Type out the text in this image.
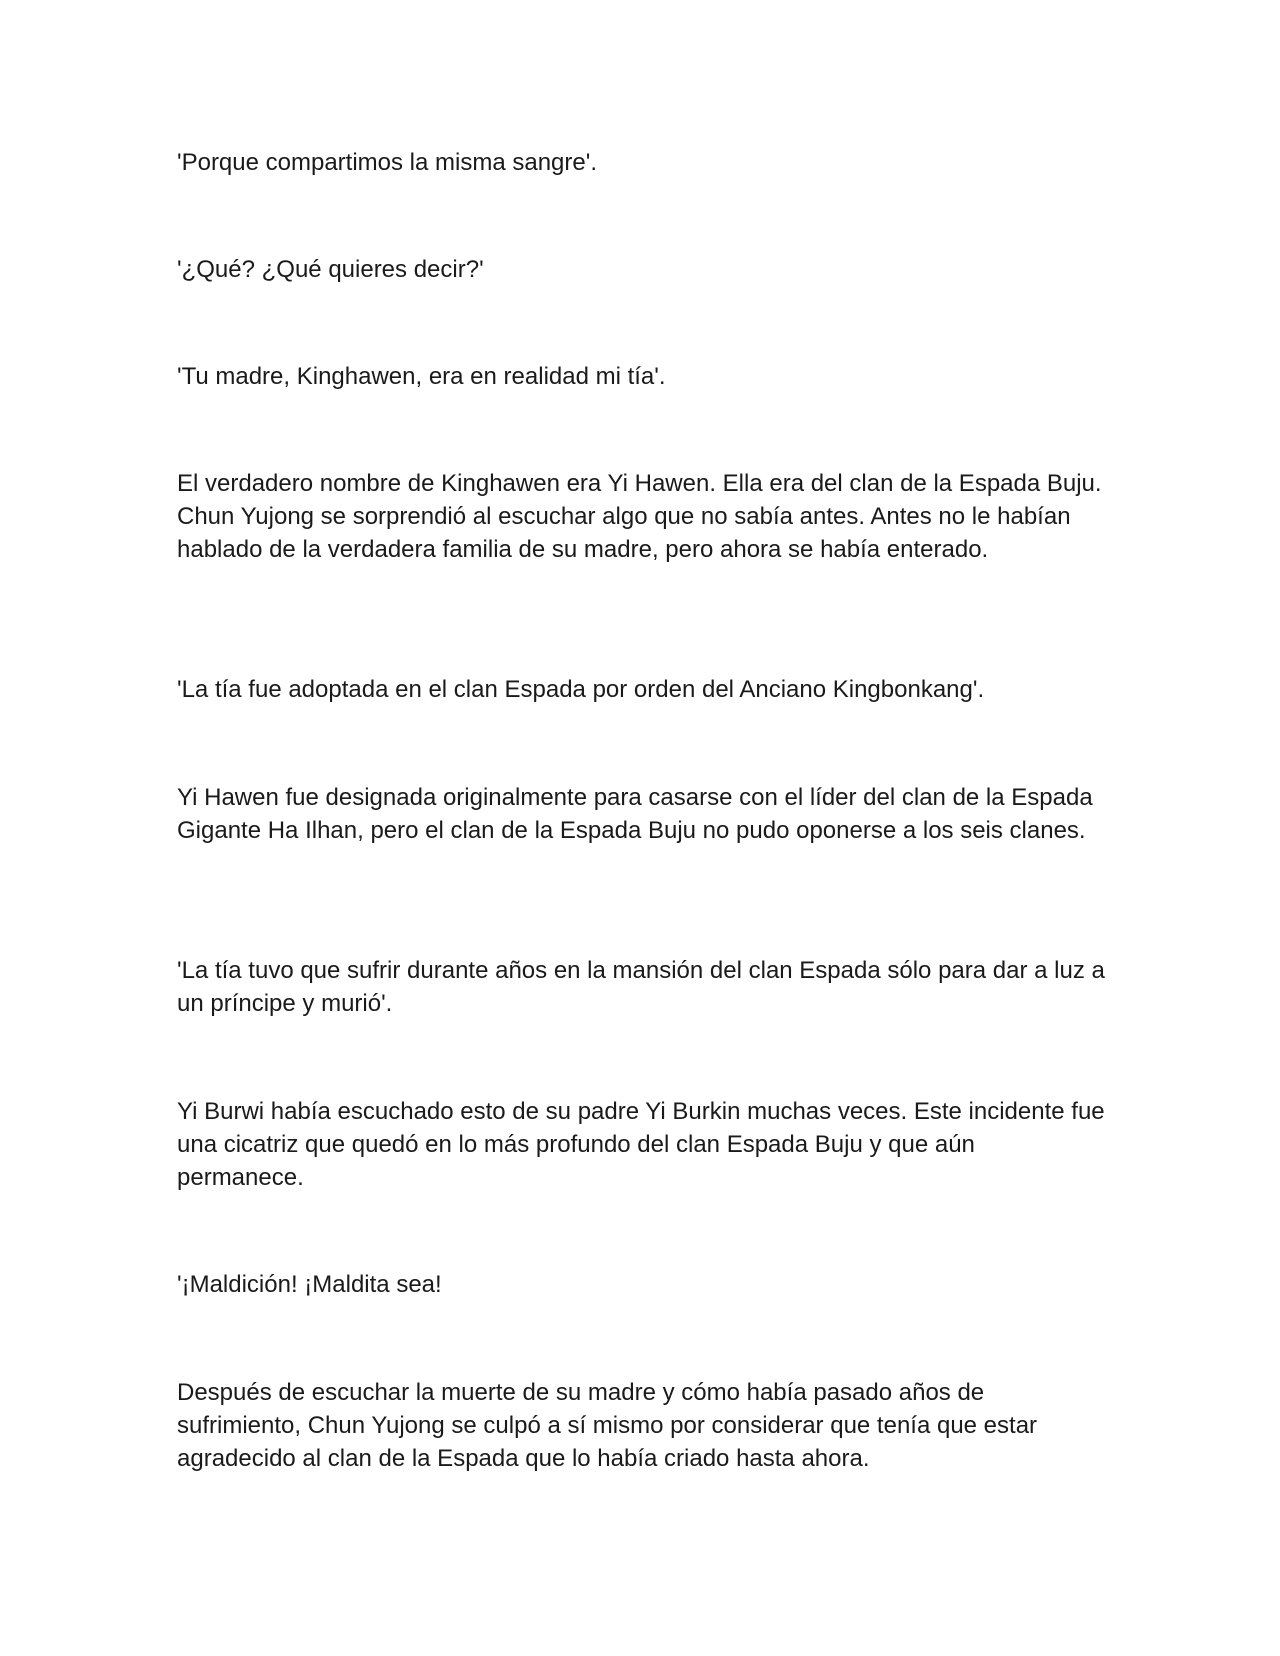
'Porque compartimos la misma sangre'.

'¿Qué? ¿Qué quieres decir?'

'Tu madre, Kinghawen, era en realidad mi tía'.

El verdadero nombre de Kinghawen era Yi Hawen. Ella era del clan de la Espada Buju. Chun Yujong se sorprendió al escuchar algo que no sabía antes. Antes no le habían hablado de la verdadera familia de su madre, pero ahora se había enterado.

'La tía fue adoptada en el clan Espada por orden del Anciano Kingbonkang'.

Yi Hawen fue designada originalmente para casarse con el líder del clan de la Espada Gigante Ha Ilhan, pero el clan de la Espada Buju no pudo oponerse a los seis clanes.

'La tía tuvo que sufrir durante años en la mansión del clan Espada sólo para dar a luz a un príncipe y murió'.

Yi Burwi había escuchado esto de su padre Yi Burkin muchas veces. Este incidente fue una cicatriz que quedó en lo más profundo del clan Espada Buju y que aún permanece.

'¡Maldición! ¡Maldita sea!

Después de escuchar la muerte de su madre y cómo había pasado años de sufrimiento, Chun Yujong se culpó a sí mismo por considerar que tenía que estar agradecido al clan de la Espada que lo había criado hasta ahora.
